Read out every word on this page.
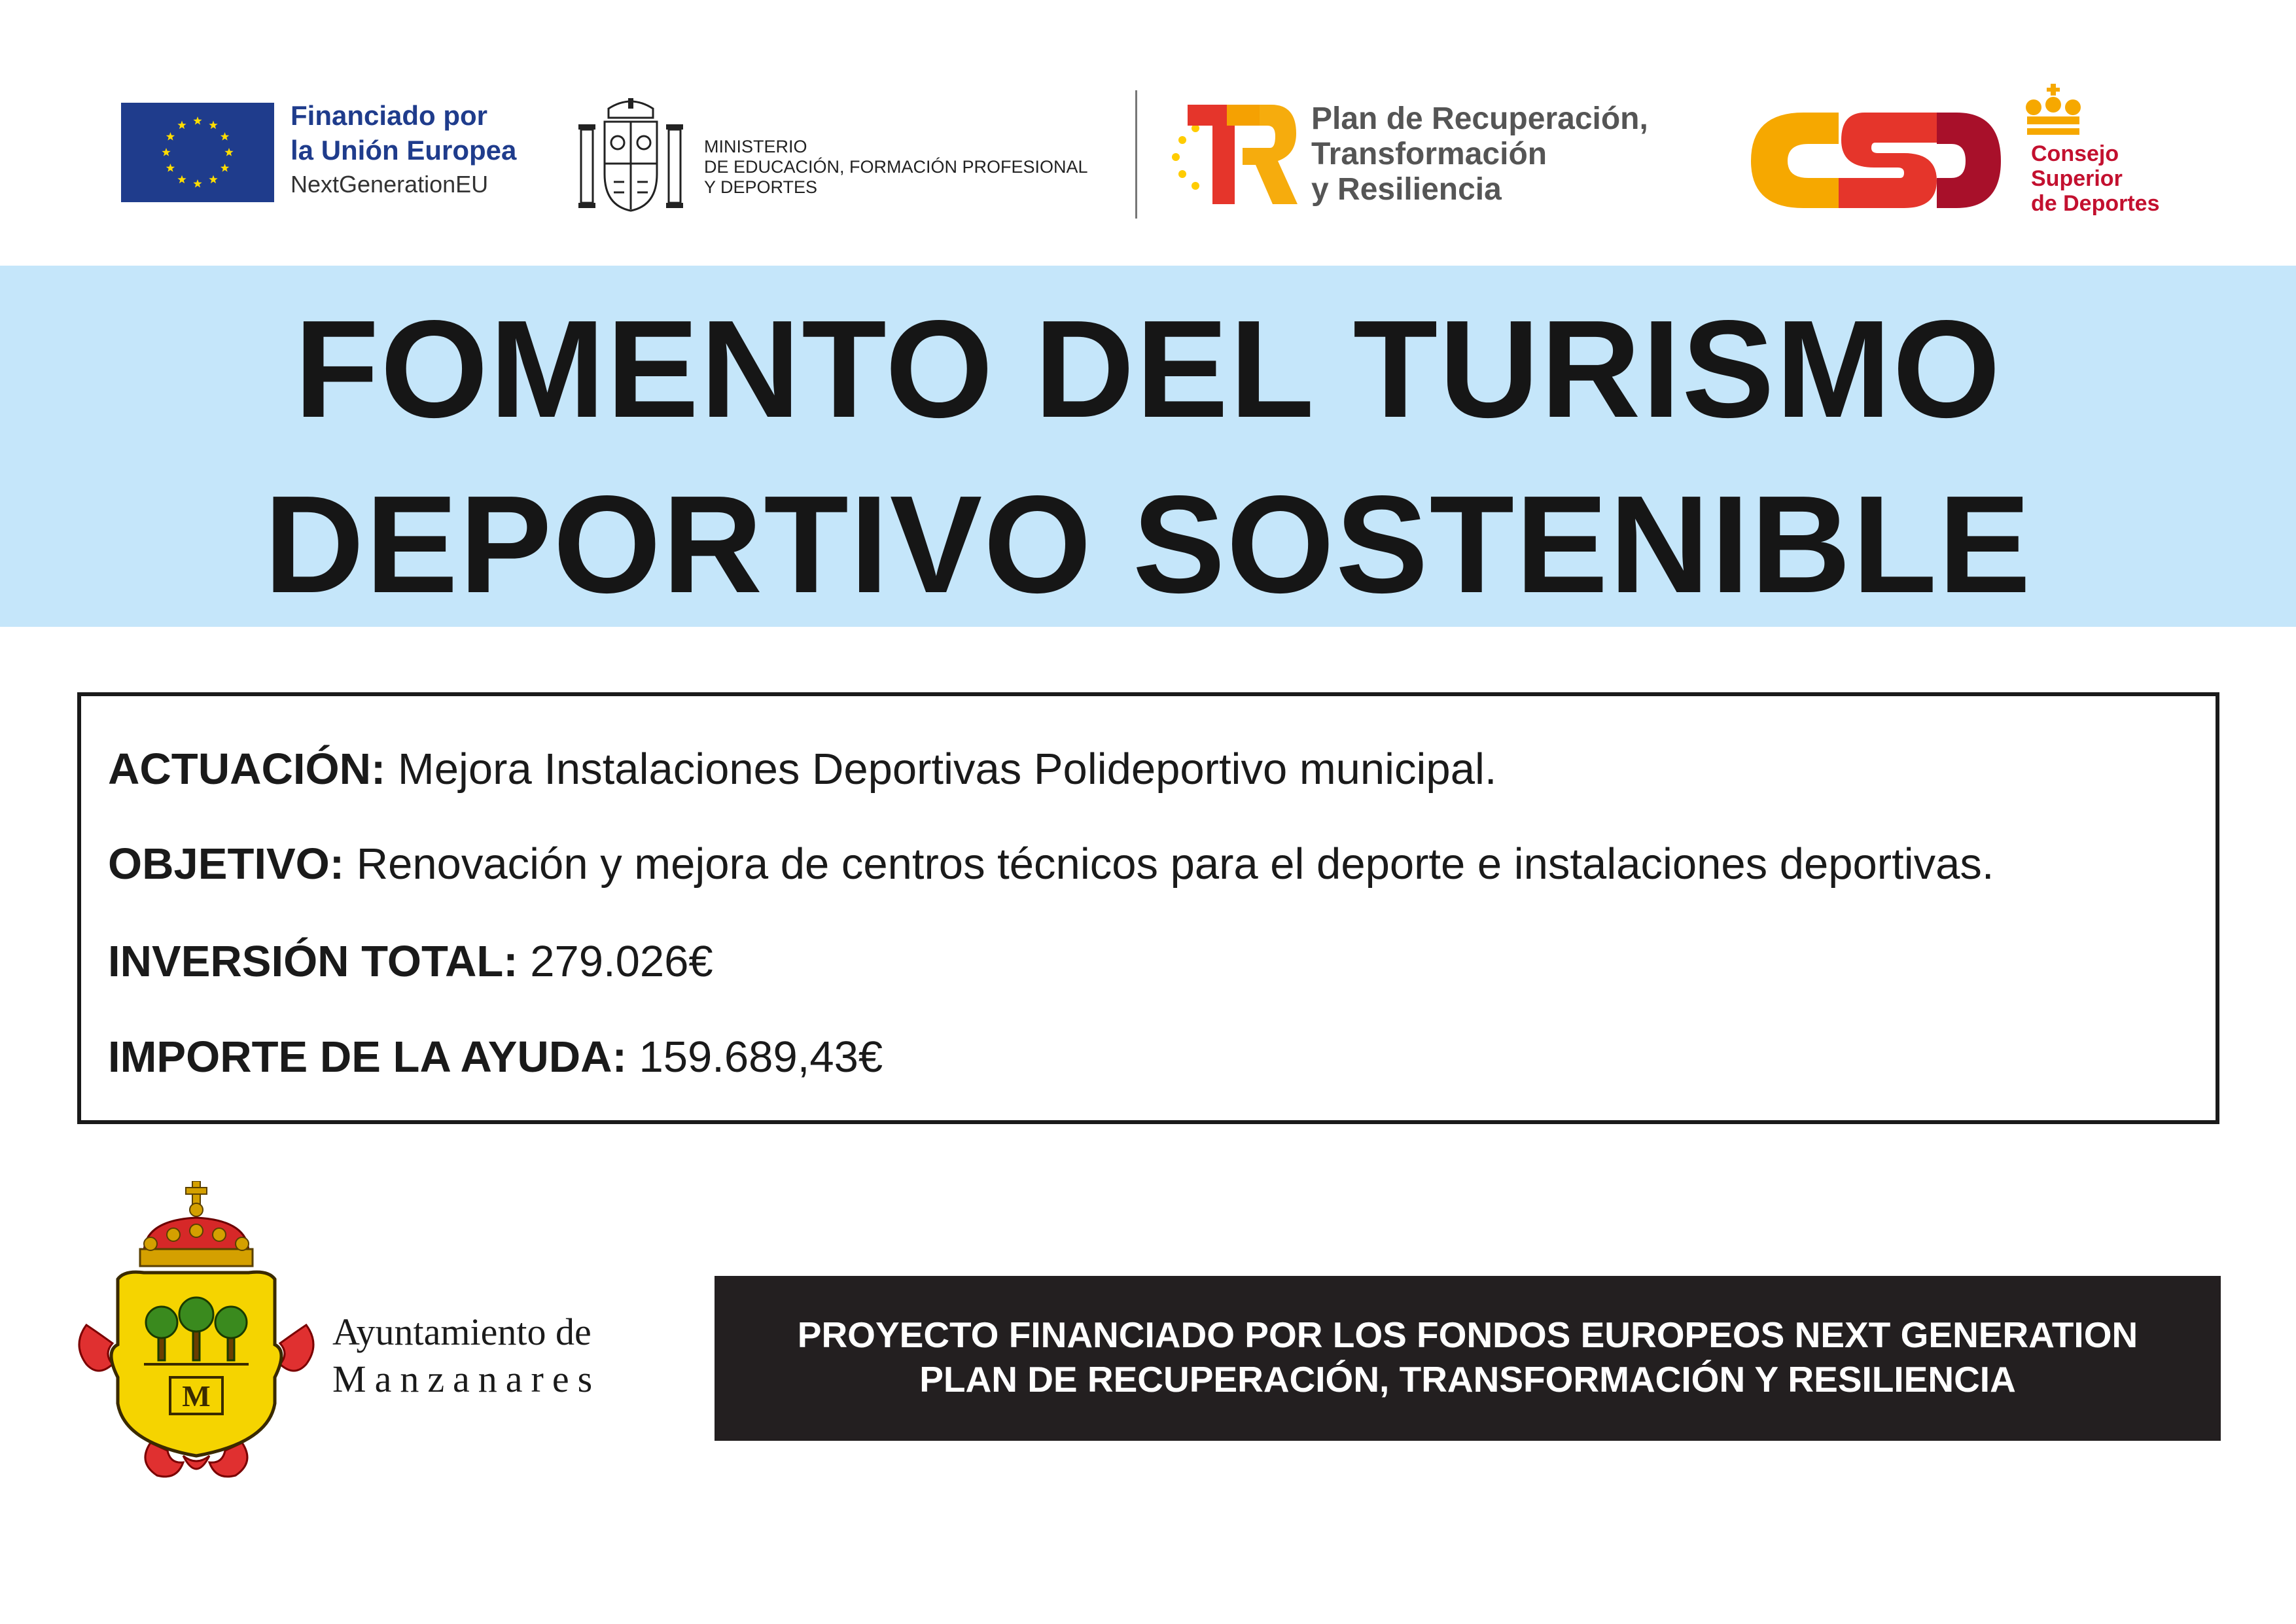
Financiado por
la Unión Europea
NextGenerationEU
MINISTERIO
DE EDUCACIÓN, FORMACIÓN PROFESIONAL
Y DEPORTES
Plan de Recuperación,
Transformación
y Resiliencia
Consejo
Superior
de Deportes
FOMENTO DEL TURISMO
DEPORTIVO SOSTENIBLE
ACTUACIÓN: Mejora Instalaciones Deportivas Polideportivo municipal.
OBJETIVO: Renovación y mejora de centros técnicos para el deporte e instalaciones deportivas.
INVERSIÓN TOTAL: 279.026€
IMPORTE DE LA AYUDA: 159.689,43€
M
Ayuntamiento de
Manzanares
PROYECTO FINANCIADO POR LOS FONDOS EUROPEOS NEXT GENERATION
PLAN DE RECUPERACIÓN, TRANSFORMACIÓN Y RESILIENCIA
